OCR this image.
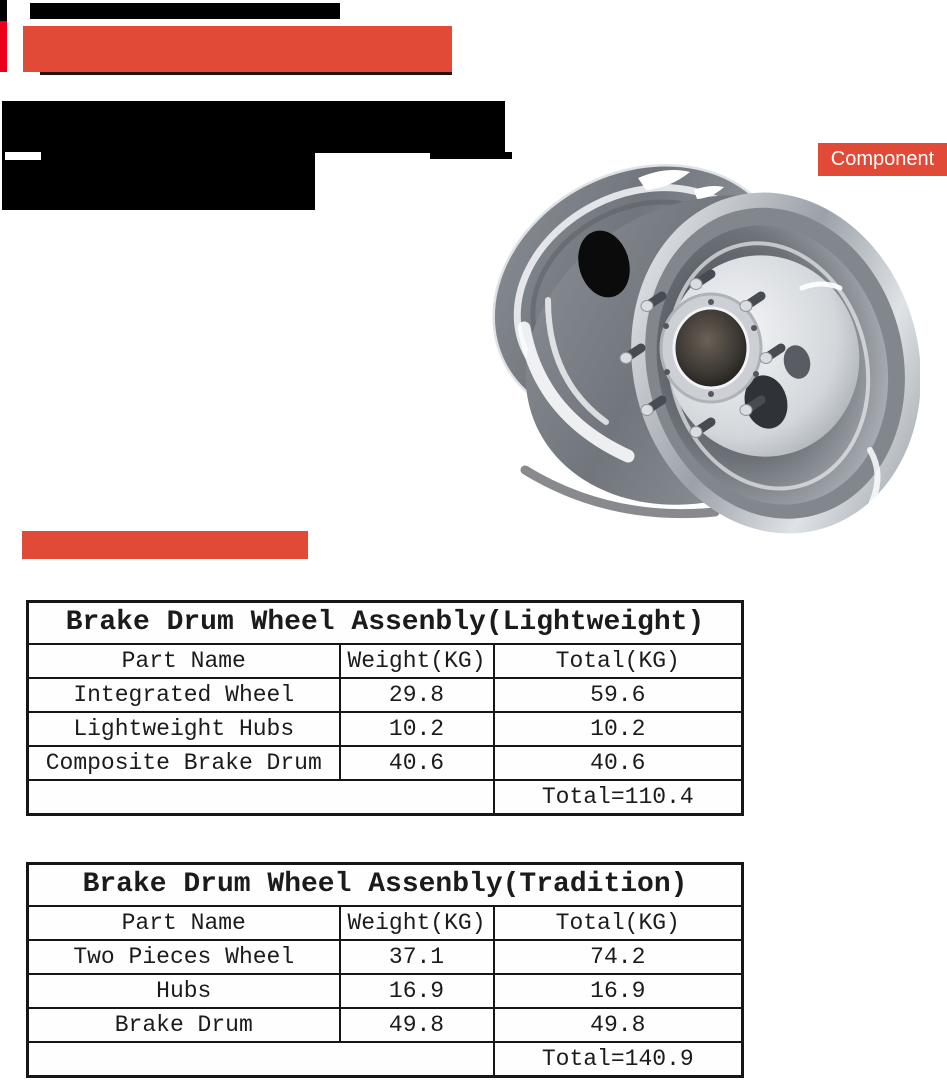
Component
Brake Drum Wheel Assenbly(Lightweight)		
Part Name	Weight(KG)	Total(KG)
Integrated Wheel	29.8	59.6
Lightweight Hubs	10.2	10.2
Composite Brake Drum	40.6	40.6
		Total=110.4
Brake Drum Wheel Assenbly(Tradition)		
Part Name	Weight(KG)	Total(KG)
Two Pieces Wheel	37.1	74.2
Hubs	16.9	16.9
Brake Drum	49.8	49.8
		Total=140.9
